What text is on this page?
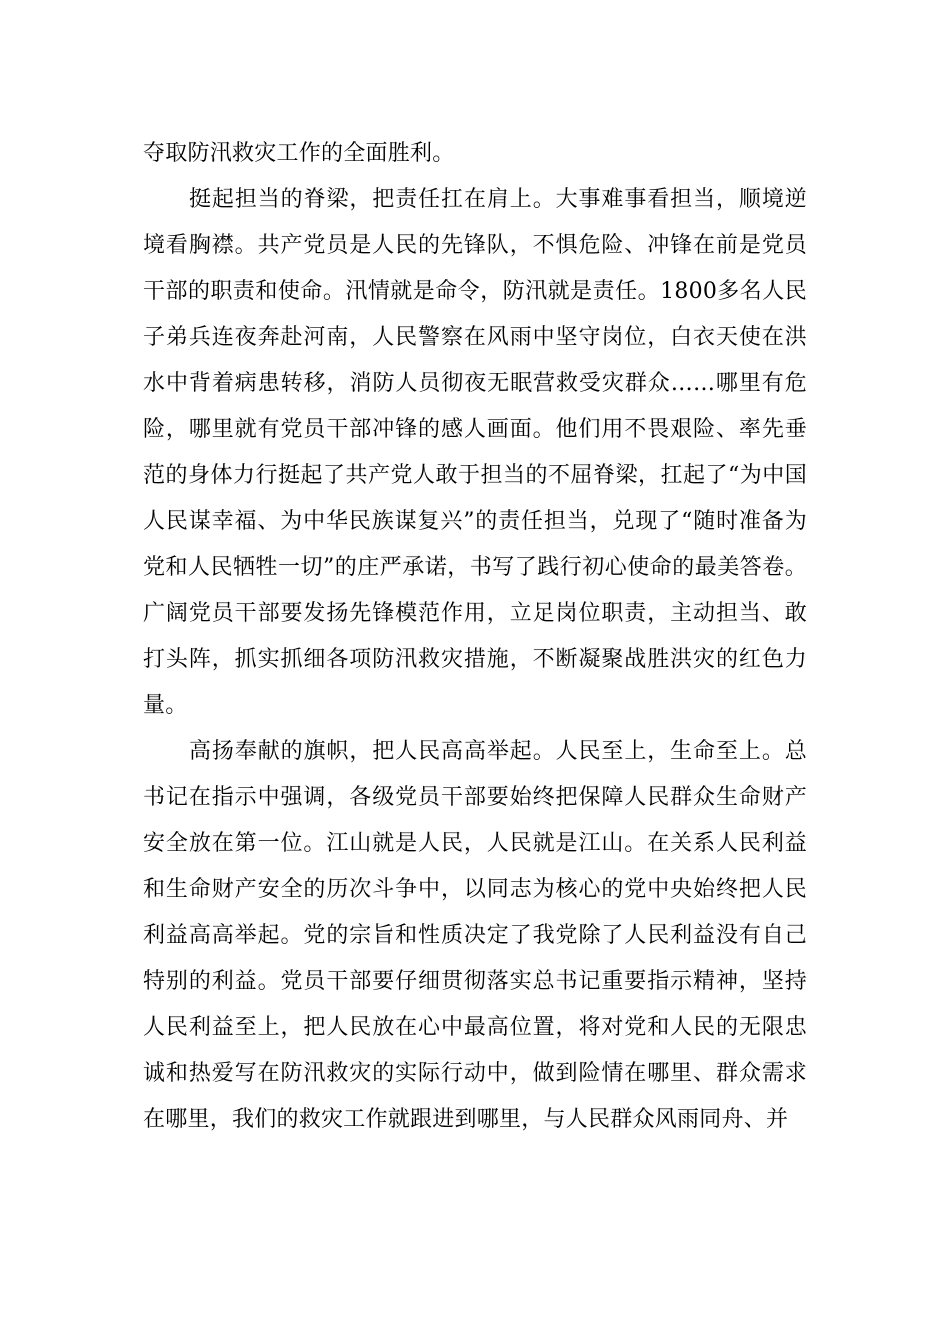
夺取防汛救灾工作的全面胜利。

挺起担当的脊梁，把责任扛在肩上。大事难事看担当，顺境逆境看胸襟。共产党员是人民的先锋队，不惧危险、冲锋在前是党员干部的职责和使命。汛情就是命令，防汛就是责任。1800多名人民子弟兵连夜奔赴河南，人民警察在风雨中坚守岗位，白衣天使在洪水中背着病患转移，消防人员彻夜无眠营救受灾群众……哪里有危险，哪里就有党员干部冲锋的感人画面。他们用不畏艰险、率先垂范的身体力行挺起了共产党人敢于担当的不屈脊梁，扛起了“为中国人民谋幸福、为中华民族谋复兴”的责任担当，兑现了“随时准备为党和人民牺牲一切”的庄严承诺，书写了践行初心使命的最美答卷。广阔党员干部要发扬先锋模范作用，立足岗位职责，主动担当、敢打头阵，抓实抓细各项防汛救灾措施，不断凝聚战胜洪灾的红色力量。

高扬奉献的旗帜，把人民高高举起。人民至上，生命至上。总书记在指示中强调，各级党员干部要始终把保障人民群众生命财产安全放在第一位。江山就是人民，人民就是江山。在关系人民利益和生命财产安全的历次斗争中，以同志为核心的党中央始终把人民利益高高举起。党的宗旨和性质决定了我党除了人民利益没有自己特别的利益。党员干部要仔细贯彻落实总书记重要指示精神，坚持人民利益至上，把人民放在心中最高位置，将对党和人民的无限忠诚和热爱写在防汛救灾的实际行动中，做到险情在哪里、群众需求在哪里，我们的救灾工作就跟进到哪里，与人民群众风雨同舟、并
